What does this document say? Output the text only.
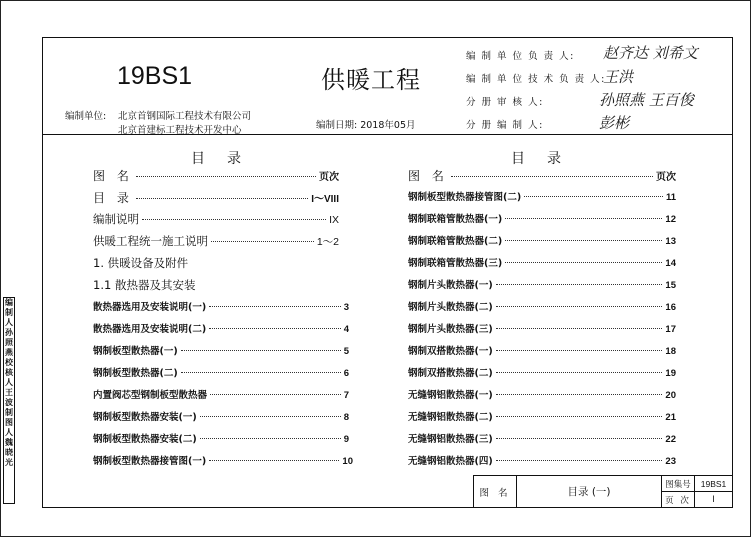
编制人孙照燕校核人王 波制图人魏晓光
19BS1	供暖工程
编制单位: 北京首钢国际工程技术有限公司
北京首建标工程技术开发中心	编制日期: 2018年05月
编 制 单 位 负 责 人: 赵齐达 刘希文
编 制 单 位 技 术 负 责 人:
王洪
分 册 审 核 人:	孙照燕 王百俊
分 册 编 制 人:	彭彬
目录	目录
图 名	页次
目 录	I～VIII
编制说明	IX
供暖工程统一施工说明	1～2
1. 供暖设备及附件
1.1 散热器及其安装
散热器选用及安装说明(一)	3
散热器选用及安装说明(二)	4
钢制板型散热器(一)	5
钢制板型散热器(二)	6
内置阀芯型钢制板型散热器	7
钢制板型散热器安装(一)	8
钢制板型散热器安装(二)	9
钢制板型散热器接管图(一)	10
图 名	页次
钢制板型散热器接管图(二)	11
钢制联箱管散热器(一)	12
钢制联箱管散热器(二)	13
钢制联箱管散热器(三)	14
钢制片头散热器(一)	15
钢制片头散热器(二)	16
钢制片头散热器(三)	17
钢制双搭散热器(一)	18
钢制双搭散热器(二)	19
无缝钢铝散热器(一)	20
无缝钢铝散热器(二)	21
无缝钢铝散热器(三)	22
无缝钢铝散热器(四)	23
图 名	目录 (一)
图集号	19BS1
页 次	I
